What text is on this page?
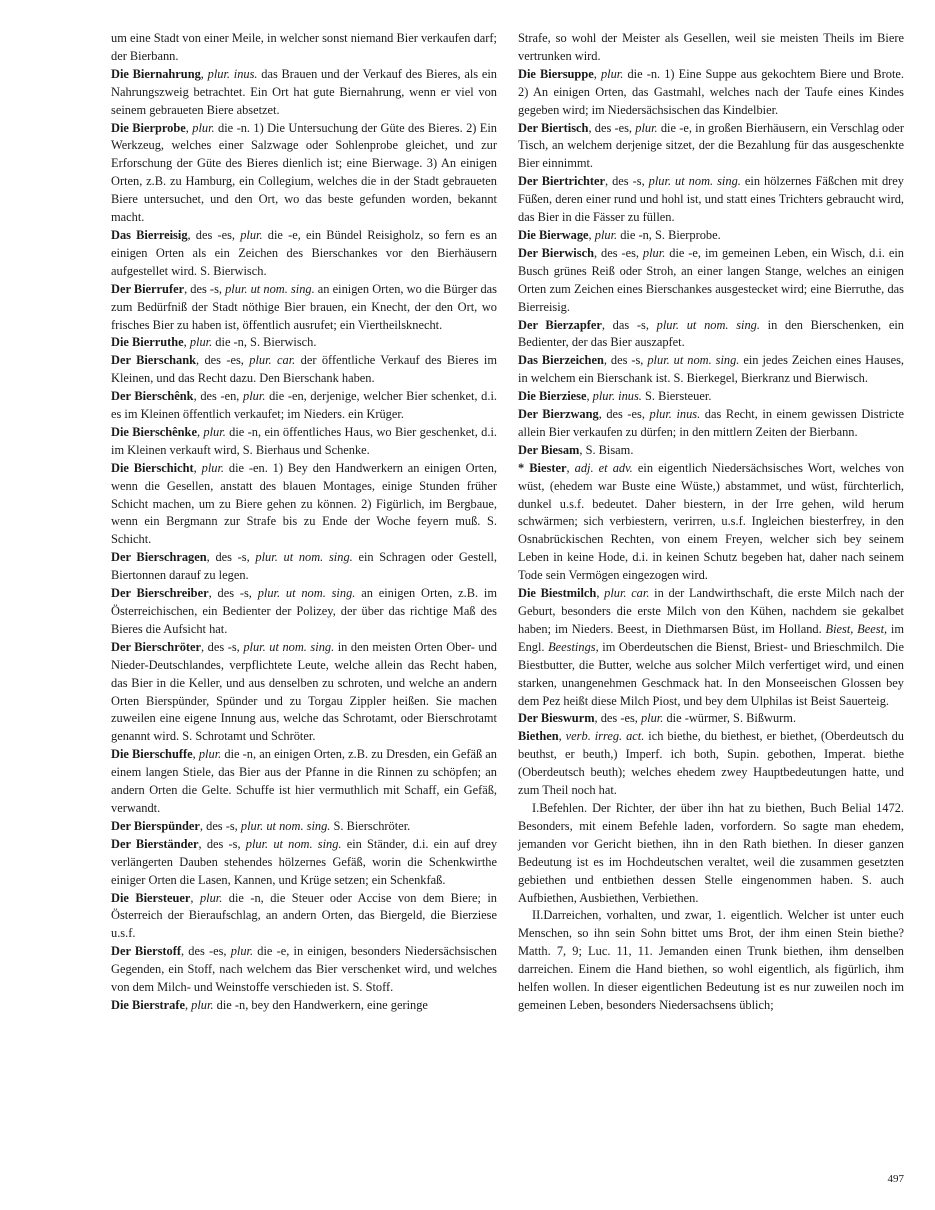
um eine Stadt von einer Meile, in welcher sonst niemand Bier verkaufen darf; der Bierbann.

Die Biernahrung, plur. inus. das Brauen und der Verkauf des Bieres, als ein Nahrungszweig betrachtet. Ein Ort hat gute Biernahrung, wenn er viel von seinem gebraueten Biere absetzet.

Die Bierprobe, plur. die -n. 1) Die Untersuchung der Güte des Bieres. 2) Ein Werkzeug, welches einer Salzwage oder Sohlenprobe gleichet, und zur Erforschung der Güte des Bieres dienlich ist; eine Bierwage. 3) An einigen Orten, z.B. zu Hamburg, ein Collegium, welches die in der Stadt gebraueten Biere untersuchet, und den Ort, wo das beste gefunden worden, bekannt macht.

Das Bierreisig, des -es, plur. die -e, ein Bündel Reisigholz, so fern es an einigen Orten als ein Zeichen des Bierschankes vor den Bierhäusern aufgestellet wird. S. Bierwisch.

Der Bierrufer, des -s, plur. ut nom. sing. an einigen Orten, wo die Bürger das zum Bedürfniß der Stadt nöthige Bier brauen, ein Knecht, der den Ort, wo frisches Bier zu haben ist, öffentlich ausrufet; ein Viertheilsknecht.

Die Bierruthe, plur. die -n, S. Bierwisch.

Der Bierschank, des -es, plur. car. der öffentliche Verkauf des Bieres im Kleinen, und das Recht dazu. Den Bierschank haben.

Der Bierschênk, des -en, plur. die -en, derjenige, welcher Bier schenket, d.i. es im Kleinen öffentlich verkaufet; im Nieders. ein Krüger.

Die Bierschênke, plur. die -n, ein öffentliches Haus, wo Bier geschenket, d.i. im Kleinen verkauft wird, S. Bierhaus und Schenke.

Die Bierschicht, plur. die -en. 1) Bey den Handwerkern an einigen Orten, wenn die Gesellen, anstatt des blauen Montages, einige Stunden früher Schicht machen, um zu Biere gehen zu können. 2) Figürlich, im Bergbaue, wenn ein Bergmann zur Strafe bis zu Ende der Woche feyern muß. S. Schicht.

Der Bierschragen, des -s, plur. ut nom. sing. ein Schragen oder Gestell, Biertonnen darauf zu legen.

Der Bierschreiber, des -s, plur. ut nom. sing. an einigen Orten, z.B. im Österreichischen, ein Bedienter der Polizey, der über das richtige Maß des Bieres die Aufsicht hat.

Der Bierschröter, des -s, plur. ut nom. sing. in den meisten Orten Ober- und Nieder-Deutschlandes, verpflichtete Leute, welche allein das Recht haben, das Bier in die Keller, und aus denselben zu schroten, und welche an andern Orten Bierspünder, Spünder und zu Torgau Zippler heißen. Sie machen zuweilen eine eigene Innung aus, welche das Schrotamt, oder Bierschrotamt genannt wird. S. Schrotamt und Schröter.

Die Bierschuffe, plur. die -n, an einigen Orten, z.B. zu Dresden, ein Gefäß an einem langen Stiele, das Bier aus der Pfanne in die Rinnen zu schöpfen; an andern Orten die Gelte. Schuffe ist hier vermuthlich mit Schaff, ein Gefäß, verwandt.

Der Bierspünder, des -s, plur. ut nom. sing. S. Bierschröter.

Der Bierständer, des -s, plur. ut nom. sing. ein Ständer, d.i. ein auf drey verlängerten Dauben stehendes hölzernes Gefäß, worin die Schenkwirthe einiger Orten die Lasen, Kannen, und Krüge setzen; ein Schenkfaß.

Die Biersteuer, plur. die -n, die Steuer oder Accise von dem Biere; in Österreich der Bieraufschlag, an andern Orten, das Biergeld, die Bierziese u.s.f.

Der Bierstoff, des -es, plur. die -e, in einigen, besonders Niedersächsischen Gegenden, ein Stoff, nach welchem das Bier verschenket wird, und welches von dem Milch- und Weinstoffe verschieden ist. S. Stoff.

Die Bierstrafe, plur. die -n, bey den Handwerkern, eine geringe

Strafe, so wohl der Meister als Gesellen, weil sie meisten Theils im Biere vertrunken wird.

Die Biersuppe, plur. die -n. 1) Eine Suppe aus gekochtem Biere und Brote. 2) An einigen Orten, das Gastmahl, welches nach der Taufe eines Kindes gegeben wird; im Niedersächsischen das Kindelbier.

Der Biertisch, des -es, plur. die -e, in großen Bierhäusern, ein Verschlag oder Tisch, an welchem derjenige sitzet, der die Bezahlung für das ausgeschenkte Bier einnimmt.

Der Biertrichter, des -s, plur. ut nom. sing. ein hölzernes Fäßchen mit drey Füßen, deren einer rund und hohl ist, und statt eines Trichters gebraucht wird, das Bier in die Fässer zu füllen.

Die Bierwage, plur. die -n, S. Bierprobe.

Der Bierwisch, des -es, plur. die -e, im gemeinen Leben, ein Wisch, d.i. ein Busch grünes Reiß oder Stroh, an einer langen Stange, welches an einigen Orten zum Zeichen eines Bierschankes ausgestecket wird; eine Bierruthe, das Bierreisig.

Der Bierzapfer, das -s, plur. ut nom. sing. in den Bierschenken, ein Bedienter, der das Bier auszapfet.

Das Bierzeichen, des -s, plur. ut nom. sing. ein jedes Zeichen eines Hauses, in welchem ein Bierschank ist. S. Bierkegel, Bierkranz und Bierwisch.

Die Bierziese, plur. inus. S. Biersteuer.

Der Bierzwang, des -es, plur. inus. das Recht, in einem gewissen Districte allein Bier verkaufen zu dürfen; in den mittlern Zeiten der Bierbann.

Der Biesam, S. Bisam.

* Biester, adj. et adv. ein eigentlich Niedersächsisches Wort, welches von wüst, (ehedem war Buste eine Wüste,) abstammet, und wüst, fürchterlich, dunkel u.s.f. bedeutet. Daher biestern, in der Irre gehen, wild herum schwärmen; sich verbiestern, verirren, u.s.f. Ingleichen biesterfrey, in den Osnabrückischen Rechten, von einem Freyen, welcher sich bey seinem Leben in keine Hode, d.i. in keinen Schutz begeben hat, daher nach seinem Tode sein Vermögen eingezogen wird.

Die Biestmilch, plur. car. in der Landwirthschaft, die erste Milch nach der Geburt, besonders die erste Milch von den Kühen, nachdem sie gekalbet haben; im Nieders. Beest, in Diethmarsen Büst, im Holland. Biest, Beest, im Engl. Beestings, im Oberdeutschen die Bienst, Briest- und Brieschmilch. Die Biestbutter, die Butter, welche aus solcher Milch verfertiget wird, und einen starken, unangenehmen Geschmack hat. In den Monseeischen Glossen bey dem Pez heißt diese Milch Piost, und bey dem Ulphilas ist Beist Sauerteig.

Der Bieswurm, des -es, plur. die -würmer, S. Bißwurm.

Biethen, verb. irreg. act. ich biethe, du biethest, er biethet, (Oberdeutsch du beuthst, er beuth,) Imperf. ich both, Supin. gebothen, Imperat. biethe (Oberdeutsch beuth); welches ehedem zwey Hauptbedeutungen hatte, und zum Theil noch hat.

I.Befehlen. Der Richter, der über ihn hat zu biethen, Buch Belial 1472. Besonders, mit einem Befehle laden, vorfordern. So sagte man ehedem, jemanden vor Gericht biethen, ihn in den Rath biethen. In dieser ganzen Bedeutung ist es im Hochdeutschen veraltet, weil die zusammen gesetzten gebiethen und entbiethen dessen Stelle eingenommen haben. S. auch Aufbiethen, Ausbiethen, Verbiethen.

II.Darreichen, vorhalten, und zwar, 1. eigentlich. Welcher ist unter euch Menschen, so ihn sein Sohn bittet ums Brot, der ihm einen Stein biethe? Matth. 7, 9; Luc. 11, 11. Jemanden einen Trunk biethen, ihm denselben darreichen. Einem die Hand biethen, so wohl eigentlich, als figürlich, ihm helfen wollen. In dieser eigentlichen Bedeutung ist es nur zuweilen noch im gemeinen Leben, besonders Niedersachsens üblich;

497
